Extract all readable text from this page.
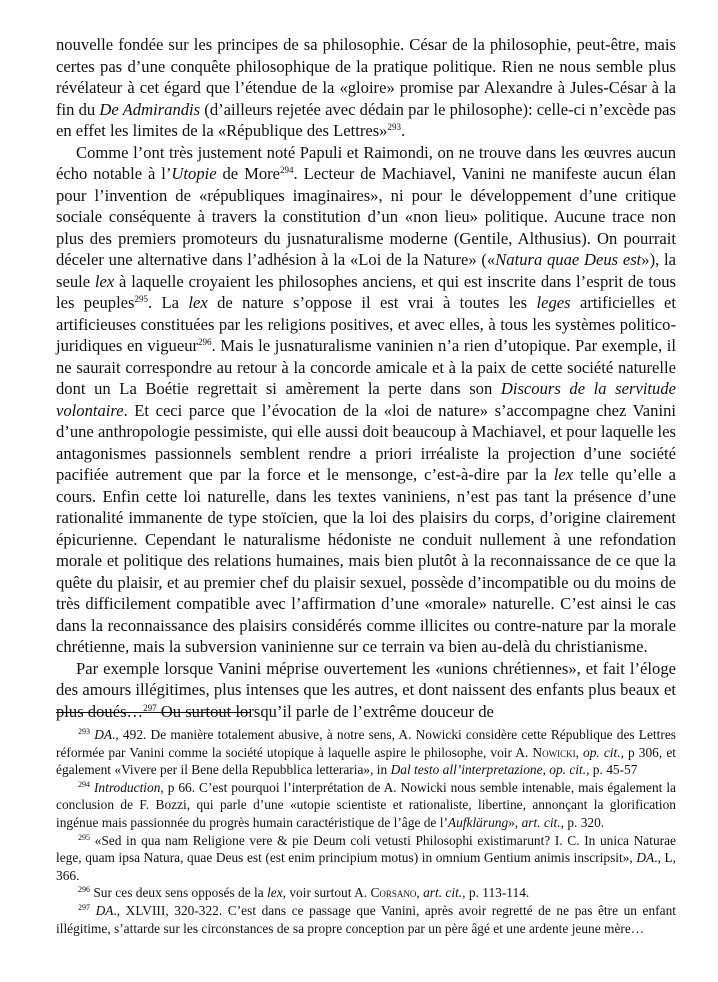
nouvelle fondée sur les principes de sa philosophie. César de la philosophie, peut-être, mais certes pas d’une conquête philosophique de la pratique politique. Rien ne nous semble plus révélateur à cet égard que l’étendue de la «gloire» promise par Alexandre à Jules-César à la fin du De Admirandis (d’ailleurs rejetée avec dédain par le philosophe): celle-ci n’excède pas en effet les limites de la «République des Lettres»$^{293}$.

Comme l’ont très justement noté Papuli et Raimondi, on ne trouve dans les œuvres aucun écho notable à l’Utopie de More$^{294}$. Lecteur de Machiavel, Vanini ne manifeste aucun élan pour l’invention de «républiques imaginaires», ni pour le développement d’une critique sociale conséquente à travers la constitution d’un «non lieu» politique. Aucune trace non plus des premiers promoteurs du jusnaturalisme moderne (Gentile, Althusius). On pourrait déceler une alternative dans l’adhésion à la «Loi de la Nature» («Natura quae Deus est»), la seule lex à laquelle croyaient les philosophes anciens, et qui est inscrite dans l’esprit de tous les peuples$^{295}$. La lex de nature s’oppose il est vrai à toutes les leges artificielles et artificieuses constituées par les religions positives, et avec elles, à tous les systèmes politico-juridiques en vigueur$^{296}$. Mais le jusnaturalisme vaninien n’a rien d’utopique. Par exemple, il ne saurait correspondre au retour à la concorde amicale et à la paix de cette société naturelle dont un La Boétie regrettait si amèrement la perte dans son Discours de la servitude volontaire. Et ceci parce que l’évocation de la «loi de nature» s’accompagne chez Vanini d’une anthropologie pessimiste, qui elle aussi doit beaucoup à Machiavel, et pour laquelle les antagonismes passionnels semblent rendre a priori irréaliste la projection d’une société pacifiée autrement que par la force et le mensonge, c’est-à-dire par la lex telle qu’elle a cours. Enfin cette loi naturelle, dans les textes vaniniens, n’est pas tant la présence d’une rationalité immanente de type stoïcien, que la loi des plaisirs du corps, d’origine clairement épicurienne. Cependant le naturalisme hédoniste ne conduit nullement à une refondation morale et politique des relations humaines, mais bien plutôt à la reconnaissance de ce que la quête du plaisir, et au premier chef du plaisir sexuel, possède d’incompatible ou du moins de très difficilement compatible avec l’affirmation d’une «morale» naturelle. C’est ainsi le cas dans la reconnaissance des plaisirs considérés comme illicites ou contre-nature par la morale chrétienne, mais la subversion vaninienne sur ce terrain va bien au-delà du christianisme.

Par exemple lorsque Vanini méprise ouvertement les «unions chrétiennes», et fait l’éloge des amours illégitimes, plus intenses que les autres, et dont naissent des enfants plus beaux et plus doués…$^{297}$ Ou surtout lorsqu’il parle de l’extrême douceur de

$^{293}$ DA., 492. De manière totalement abusive, à notre sens, A. Nowicki considère cette République des Lettres réformée par Vanini comme la société utopique à laquelle aspire le philosophe, voir A. Nowicki, op. cit., p 306, et également «Vivere per il Bene della Repubblica letteraria», in Dal testo all’interpretazione, op. cit., p. 45-57

$^{294}$ Introduction, p 66. C’est pourquoi l’interprétation de A. Nowicki nous semble intenable, mais également la conclusion de F. Bozzi, qui parle d’une «utopie scientiste et rationaliste, libertine, annonçant la glorification ingénue mais passionnée du progrès humain caractéristique de l’âge de l’Aufklärung», art. cit., p. 320.

$^{295}$ «Sed in qua nam Religione vere & pie Deum coli vetusti Philosophi existimarunt? I. C. In unica Naturae lege, quam ipsa Natura, quae Deus est (est enim principium motus) in omnium Gentium animis inscripsit», DA., L, 366.

$^{296}$ Sur ces deux sens opposés de la lex, voir surtout A. Corsano, art. cit., p. 113-114.

$^{297}$ DA., XLVIII, 320-322. C’est dans ce passage que Vanini, après avoir regretté de ne pas être un enfant illégitime, s’attarde sur les circonstances de sa propre conception par un père âgé et une ardente jeune mère…
